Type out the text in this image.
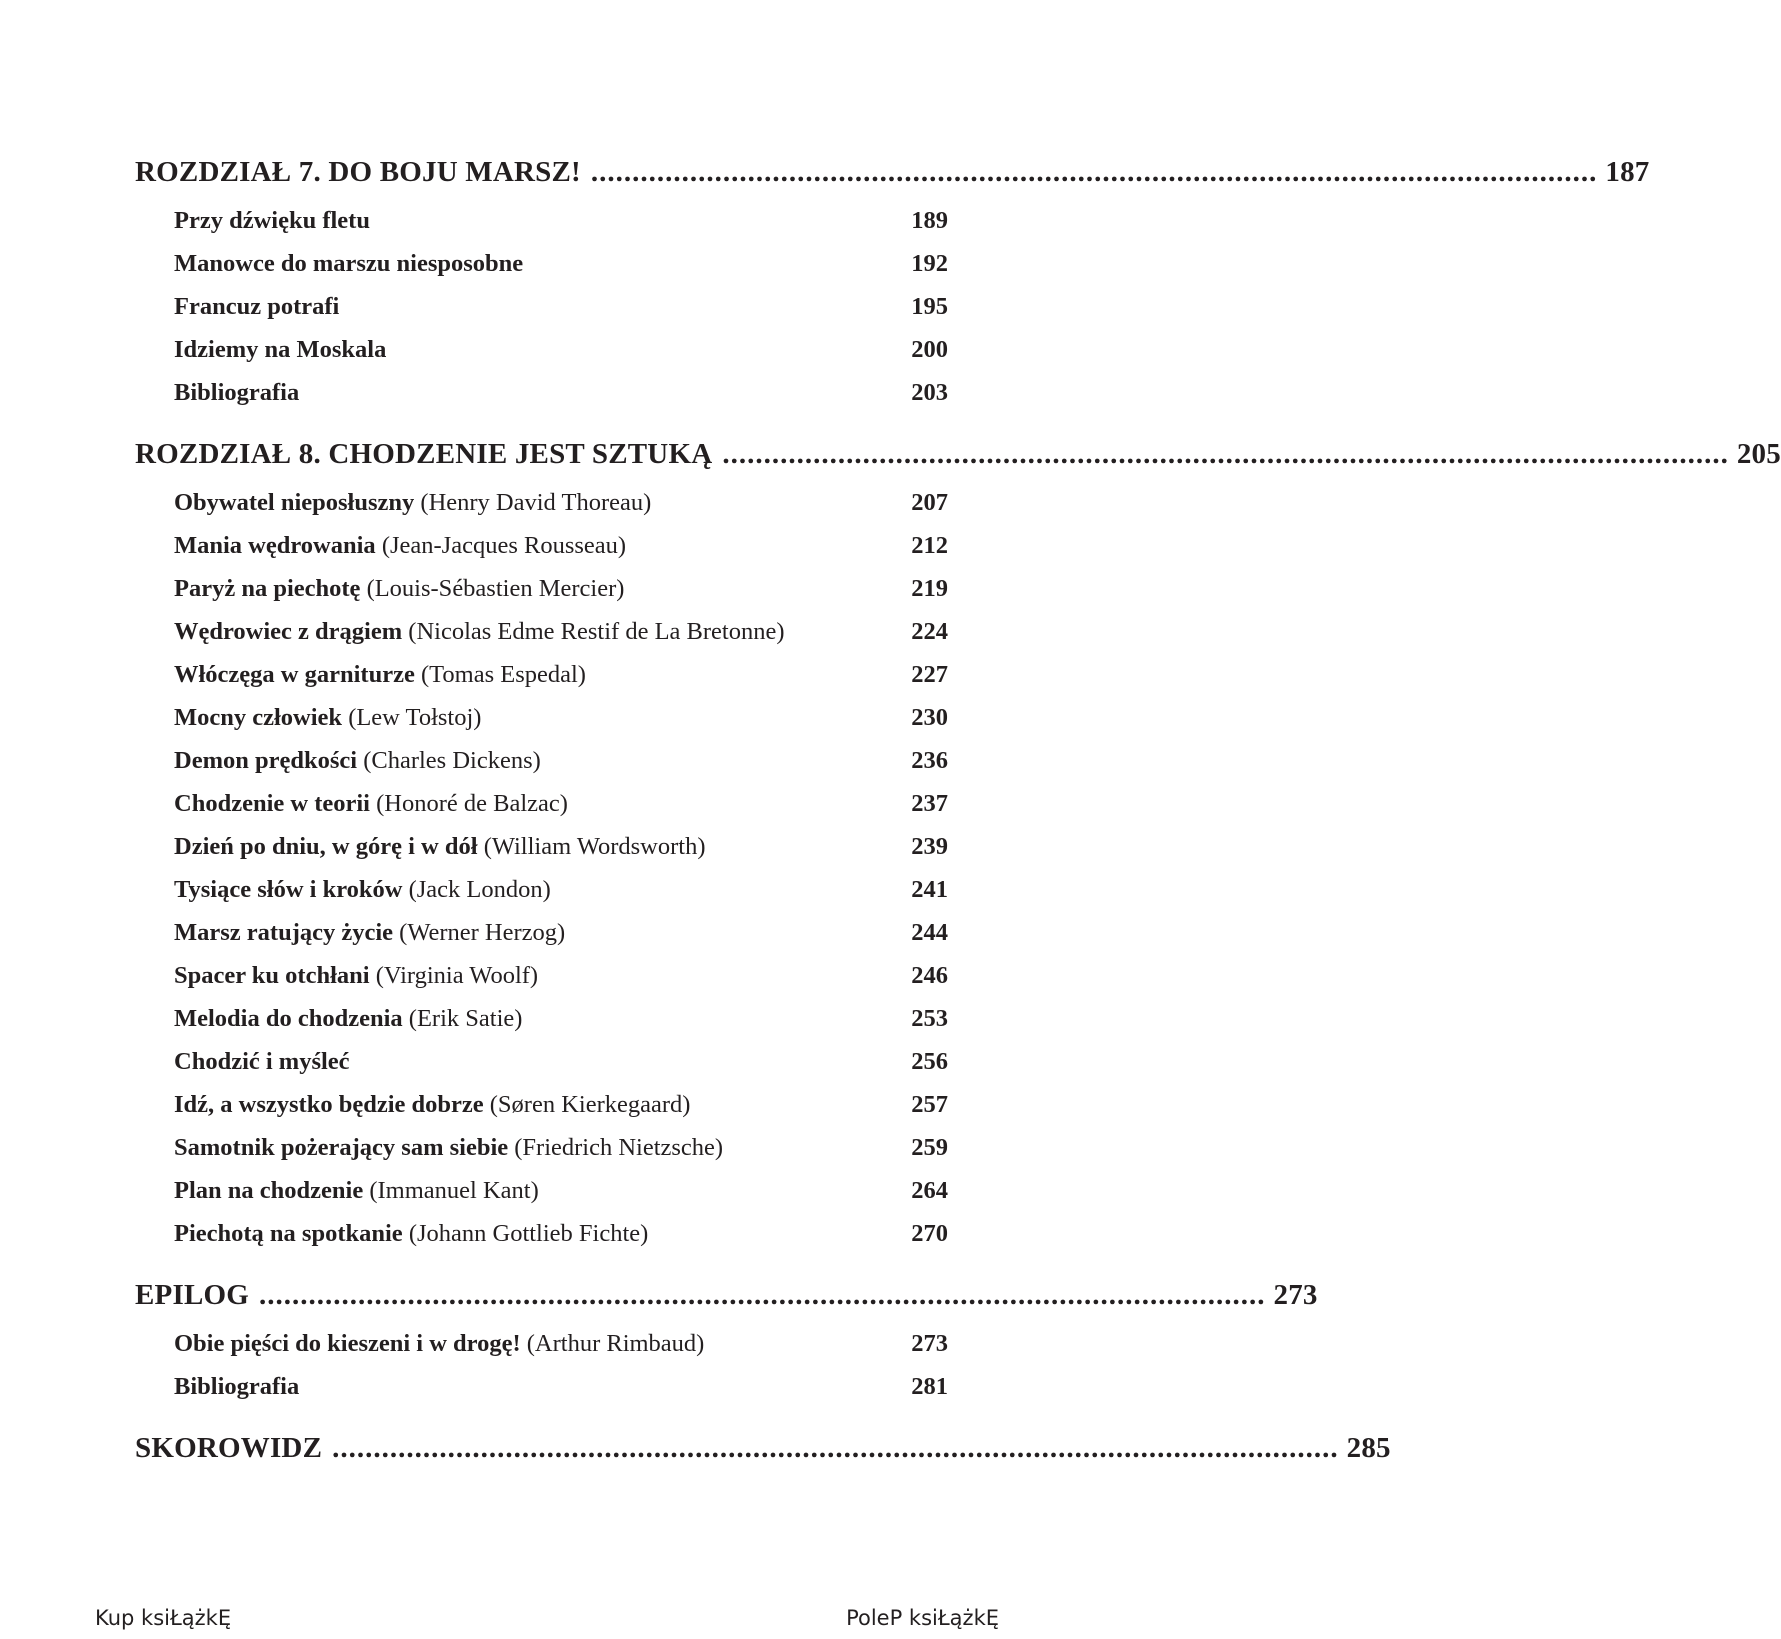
ROZDZIAŁ 7. DO BOJU MARSZ! .......................................................................................................................... 187
Przy dźwięku fletu	189
Manowce do marszu niesposobne	192
Francuz potrafi	195
Idziemy na Moskala	200
Bibliografia	203
ROZDZIAŁ 8. CHODZENIE JEST SZTUKĄ .......................................................................................................................... 205
Obywatel nieposłuszny (Henry David Thoreau)	207
Mania wędrowania (Jean-Jacques Rousseau)	212
Paryż na piechotę (Louis-Sébastien Mercier)	219
Wędrowiec z drągiem (Nicolas Edme Restif de La Bretonne)	224
Włóczęga w garniturze (Tomas Espedal)	227
Mocny człowiek (Lew Tołstoj)	230
Demon prędkości (Charles Dickens)	236
Chodzenie w teorii (Honoré de Balzac)	237
Dzień po dniu, w górę i w dół (William Wordsworth)	239
Tysiące słów i kroków (Jack London)	241
Marsz ratujący życie (Werner Herzog)	244
Spacer ku otchłani (Virginia Woolf)	246
Melodia do chodzenia (Erik Satie)	253
Chodzić i myśleć	256
Idź, a wszystko będzie dobrze (Søren Kierkegaard)	257
Samotnik pożerający sam siebie (Friedrich Nietzsche)	259
Plan na chodzenie (Immanuel Kant)	264
Piechotą na spotkanie (Johann Gottlieb Fichte)	270
EPILOG .......................................................................................................................... 273
Obie pięści do kieszeni i w drogę! (Arthur Rimbaud)	273
Bibliografia	281
SKOROWIDZ .......................................................................................................................... 285
Kup ksiŁążkĘ	PoleP ksiŁążkĘ
